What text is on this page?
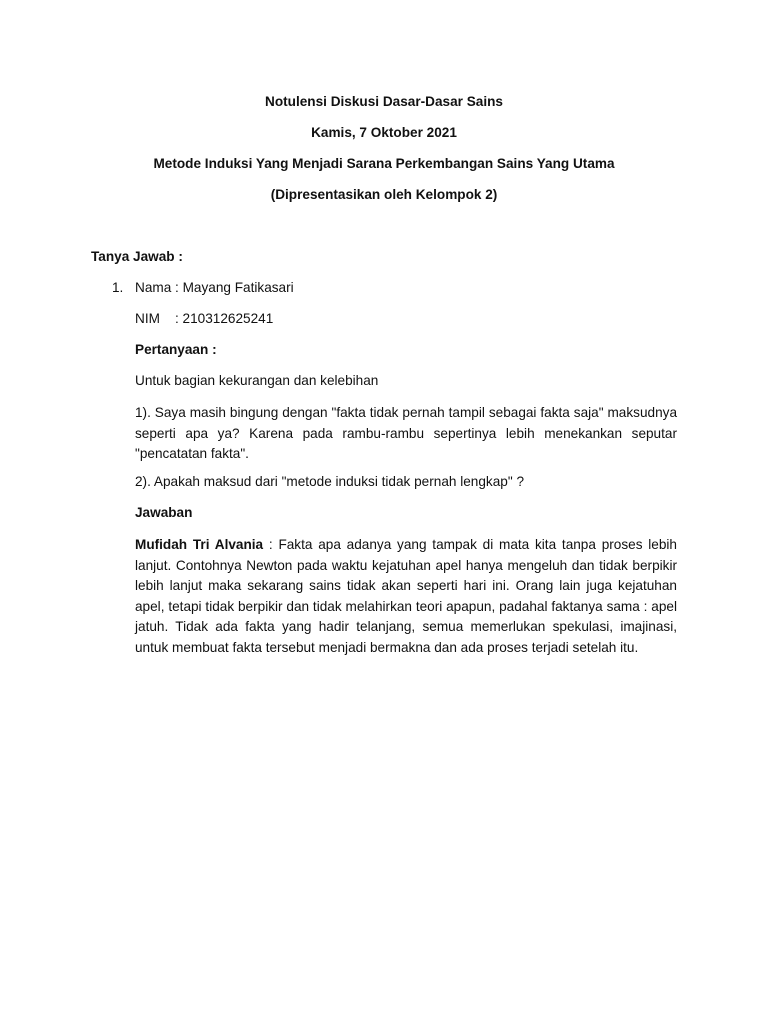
Notulensi Diskusi Dasar-Dasar Sains
Kamis, 7 Oktober 2021
Metode Induksi Yang Menjadi Sarana Perkembangan Sains Yang Utama
(Dipresentasikan oleh Kelompok 2)
Tanya Jawab :
1. Nama : Mayang Fatikasari
NIM : 210312625241
Pertanyaan :
Untuk bagian kekurangan dan kelebihan
1). Saya masih bingung dengan "fakta tidak pernah tampil sebagai fakta saja" maksudnya seperti apa ya? Karena pada rambu-rambu sepertinya lebih menekankan seputar "pencatatan fakta".
2). Apakah maksud dari "metode induksi tidak pernah lengkap" ?
Jawaban
Mufidah Tri Alvania : Fakta apa adanya yang tampak di mata kita tanpa proses lebih lanjut. Contohnya Newton pada waktu kejatuhan apel hanya mengeluh dan tidak berpikir lebih lanjut maka sekarang sains tidak akan seperti hari ini. Orang lain juga kejatuhan apel, tetapi tidak berpikir dan tidak melahirkan teori apapun, padahal faktanya sama : apel jatuh. Tidak ada fakta yang hadir telanjang, semua memerlukan spekulasi, imajinasi, untuk membuat fakta tersebut menjadi bermakna dan ada proses terjadi setelah itu.
